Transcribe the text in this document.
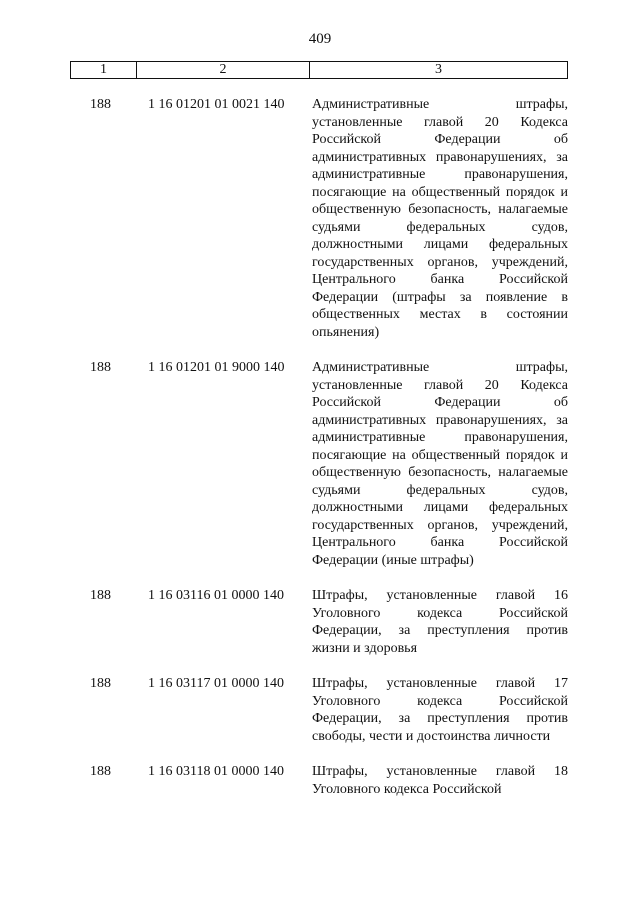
409
1	2	3
188	1 16 01201 01 0021 140 Административные штрафы, установленные главой 20 Кодекса Российской Федерации об административных правонарушениях, за административные правонарушения, посягающие на общественный порядок и общественную безопасность, налагаемые судьями федеральных судов, должностными лицами федеральных государственных органов, учреждений, Центрального банка Российской Федерации (штрафы за появление в общественных местах в состоянии опьянения)
188	1 16 01201 01 9000 140 Административные штрафы, установленные главой 20 Кодекса Российской Федерации об административных правонарушениях, за административные правонарушения, посягающие на общественный порядок и общественную безопасность, налагаемые судьями федеральных судов, должностными лицами федеральных государственных органов, учреждений, Центрального банка Российской Федерации (иные штрафы)
188	1 16 03116 01 0000 140 Штрафы, установленные главой 16 Уголовного кодекса Российской Федерации, за преступления против жизни и здоровья
188	1 16 03117 01 0000 140 Штрафы, установленные главой 17 Уголовного кодекса Российской Федерации, за преступления против свободы, чести и достоинства личности
188	1 16 03118 01 0000 140 Штрафы, установленные главой 18 Уголовного кодекса Российской
